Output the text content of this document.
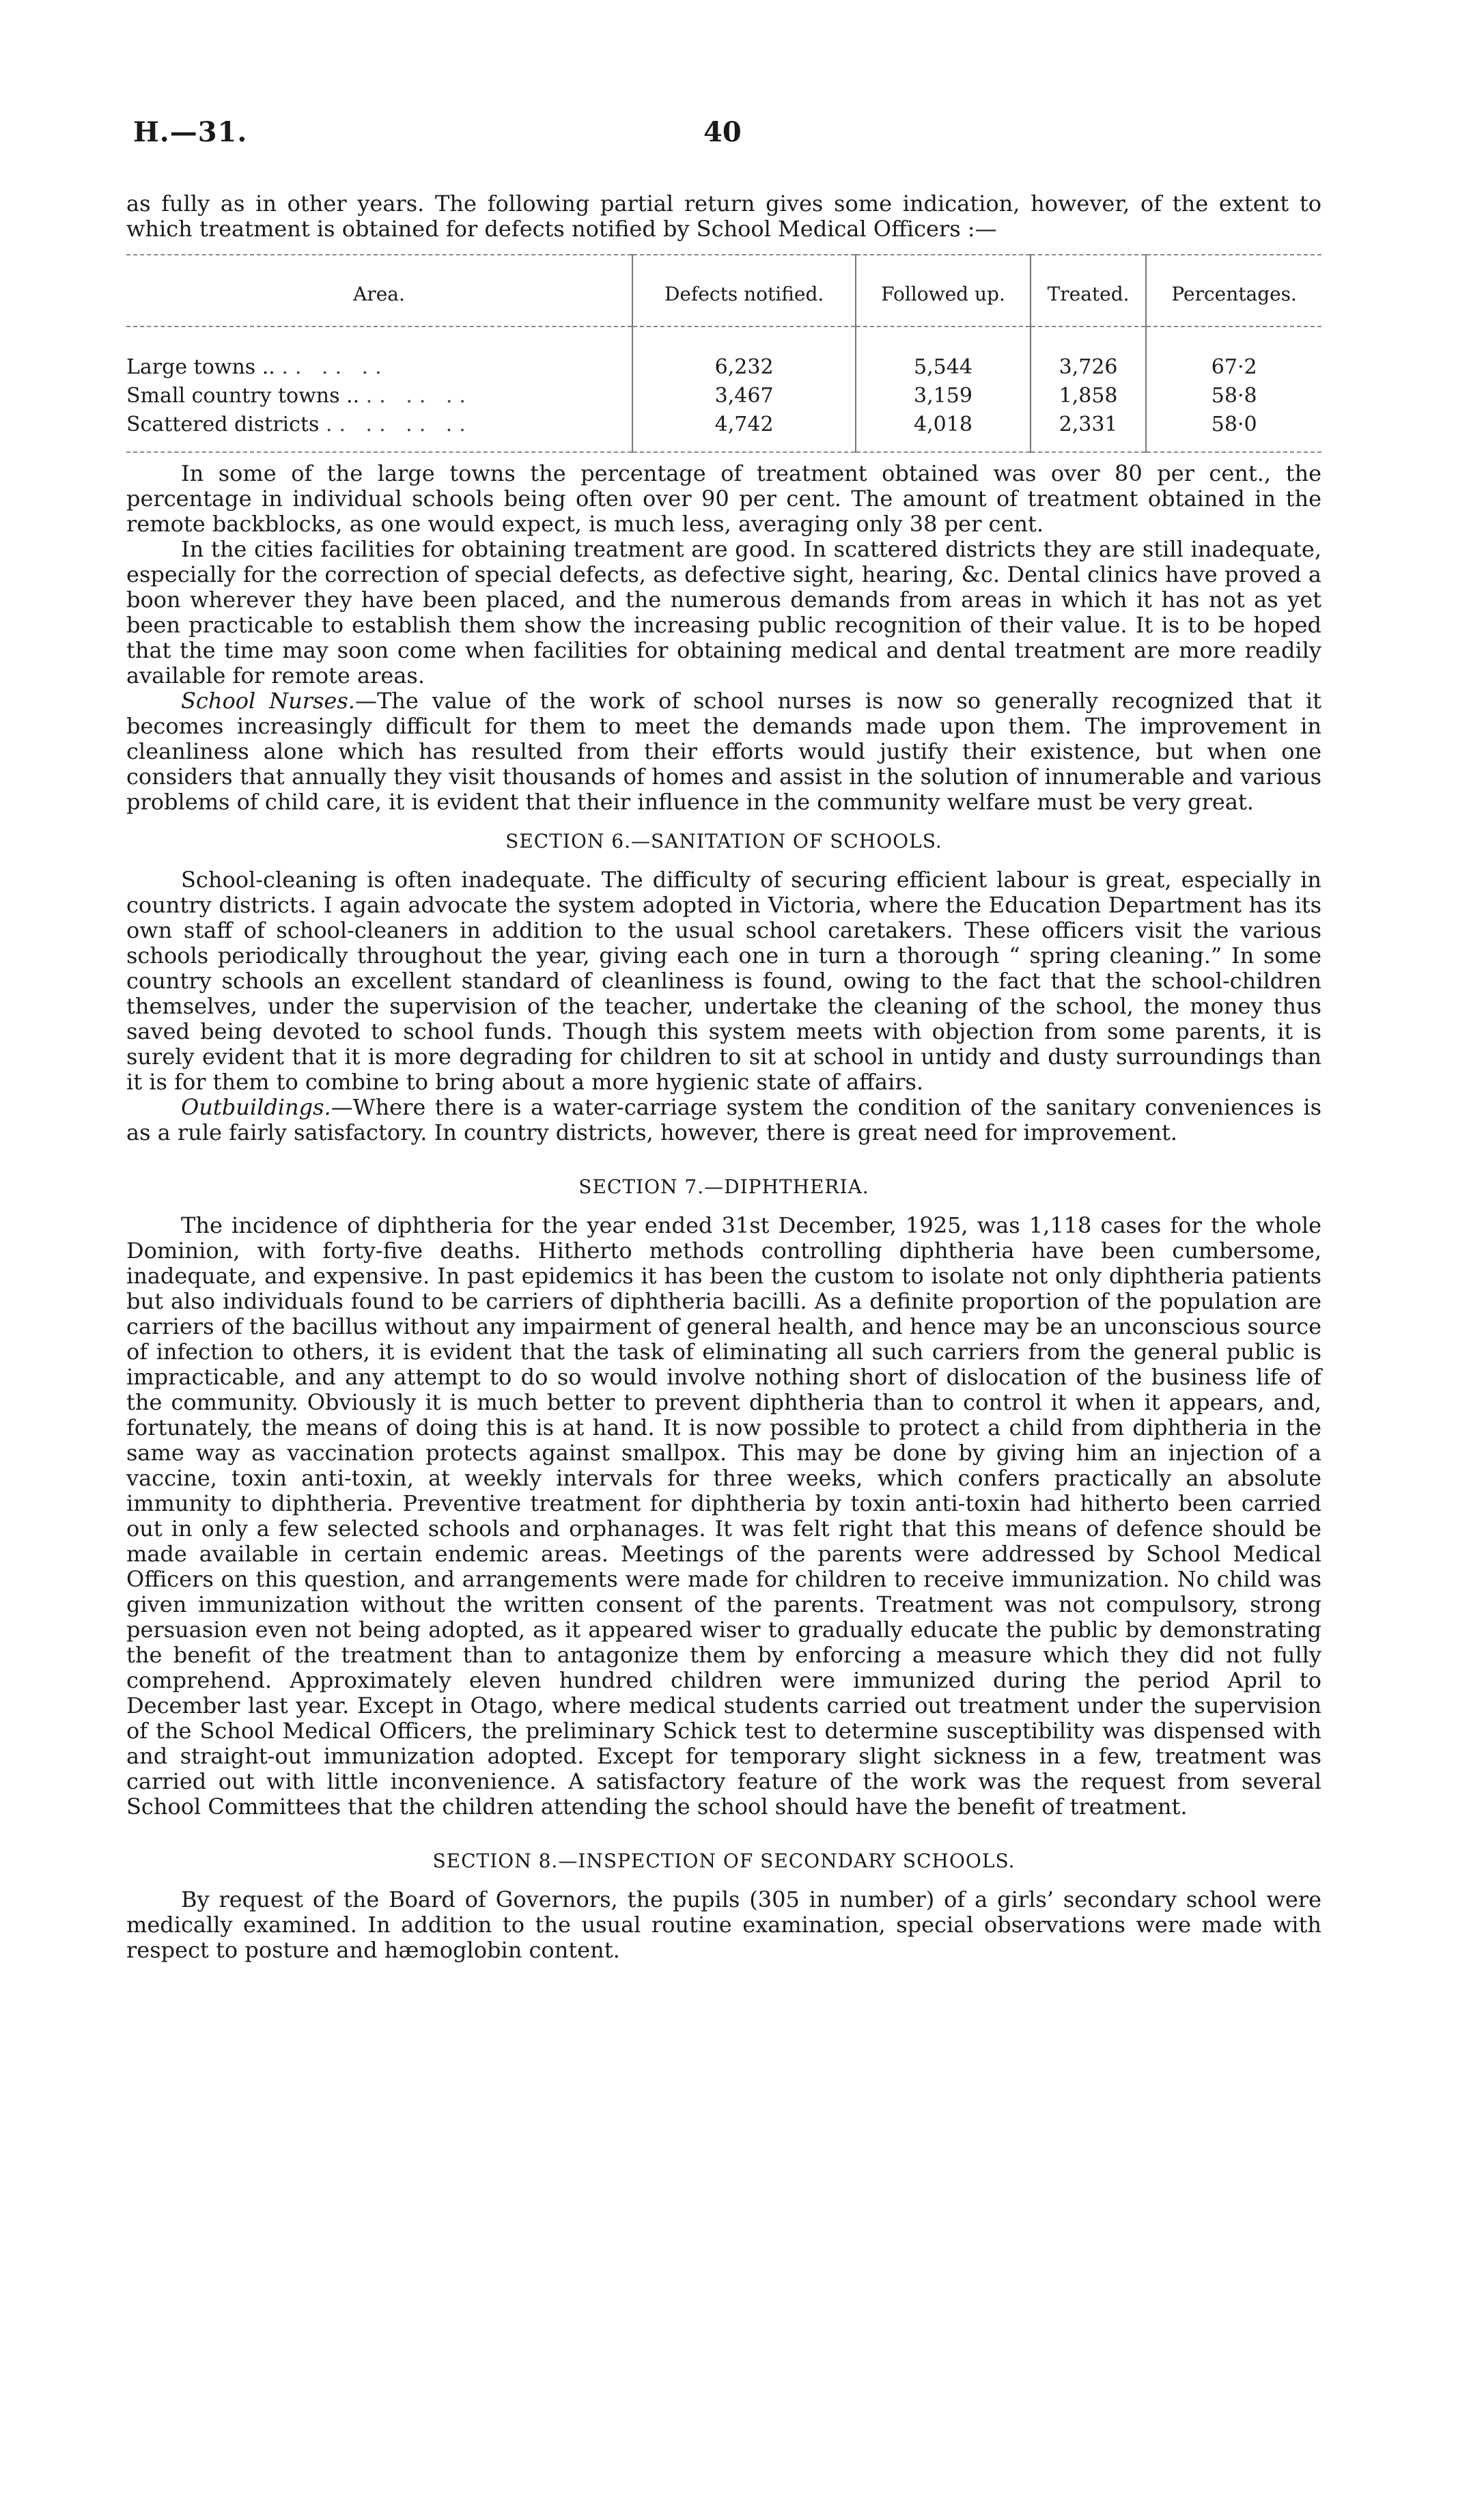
H.—31.	40

as fully as in other years. The following partial return gives some indication, however, of the extent to which treatment is obtained for defects notified by School Medical Officers :—

Area.	Defects notified.	Followed up.	Treated.	Percentages.
Large towns .. .. .. ..	6,232	5,544	3,726	67·2
Small country towns .. .. .. ..	3,467	3,159	1,858	58·8
Scattered districts .. .. .. ..	4,742	4,018	2,331	58·0

In some of the large towns the percentage of treatment obtained was over 80 per cent., the percentage in individual schools being often over 90 per cent. The amount of treatment obtained in the remote backblocks, as one would expect, is much less, averaging only 38 per cent.

In the cities facilities for obtaining treatment are good. In scattered districts they are still inadequate, especially for the correction of special defects, as defective sight, hearing, &c. Dental clinics have proved a boon wherever they have been placed, and the numerous demands from areas in which it has not as yet been practicable to establish them show the increasing public recognition of their value. It is to be hoped that the time may soon come when facilities for obtaining medical and dental treatment are more readily available for remote areas.

School Nurses.—The value of the work of school nurses is now so generally recognized that it becomes increasingly difficult for them to meet the demands made upon them. The improvement in cleanliness alone which has resulted from their efforts would justify their existence, but when one considers that annually they visit thousands of homes and assist in the solution of innumerable and various problems of child care, it is evident that their influence in the community welfare must be very great.

SECTION 6.—SANITATION OF SCHOOLS.

School-cleaning is often inadequate. The difficulty of securing efficient labour is great, especially in country districts. I again advocate the system adopted in Victoria, where the Education Department has its own staff of school-cleaners in addition to the usual school caretakers. These officers visit the various schools periodically throughout the year, giving each one in turn a thorough “ spring cleaning.” In some country schools an excellent standard of cleanliness is found, owing to the fact that the school-children themselves, under the supervision of the teacher, undertake the cleaning of the school, the money thus saved being devoted to school funds. Though this system meets with objection from some parents, it is surely evident that it is more degrading for children to sit at school in untidy and dusty surroundings than it is for them to combine to bring about a more hygienic state of affairs.

Outbuildings.—Where there is a water-carriage system the condition of the sanitary conveniences is as a rule fairly satisfactory. In country districts, however, there is great need for improvement.

SECTION 7.—DIPHTHERIA.

The incidence of diphtheria for the year ended 31st December, 1925, was 1,118 cases for the whole Dominion, with forty-five deaths. Hitherto methods controlling diphtheria have been cumbersome, inadequate, and expensive. In past epidemics it has been the custom to isolate not only diphtheria patients but also individuals found to be carriers of diphtheria bacilli. As a definite proportion of the population are carriers of the bacillus without any impairment of general health, and hence may be an unconscious source of infection to others, it is evident that the task of eliminating all such carriers from the general public is impracticable, and any attempt to do so would involve nothing short of dislocation of the business life of the community. Obviously it is much better to prevent diphtheria than to control it when it appears, and, fortunately, the means of doing this is at hand. It is now possible to protect a child from diphtheria in the same way as vaccination protects against smallpox. This may be done by giving him an injection of a vaccine, toxin anti-toxin, at weekly intervals for three weeks, which confers practically an absolute immunity to diphtheria. Preventive treatment for diphtheria by toxin anti-toxin had hitherto been carried out in only a few selected schools and orphanages. It was felt right that this means of defence should be made available in certain endemic areas. Meetings of the parents were addressed by School Medical Officers on this question, and arrangements were made for children to receive immunization. No child was given immunization without the written consent of the parents. Treatment was not compulsory, strong persuasion even not being adopted, as it appeared wiser to gradually educate the public by demonstrating the benefit of the treatment than to antagonize them by enforcing a measure which they did not fully comprehend. Approximately eleven hundred children were immunized during the period April to December last year. Except in Otago, where medical students carried out treatment under the supervision of the School Medical Officers, the preliminary Schick test to determine susceptibility was dispensed with and straight-out immunization adopted. Except for temporary slight sickness in a few, treatment was carried out with little inconvenience. A satisfactory feature of the work was the request from several School Committees that the children attending the school should have the benefit of treatment.

SECTION 8.—INSPECTION OF SECONDARY SCHOOLS.

By request of the Board of Governors, the pupils (305 in number) of a girls’ secondary school were medically examined. In addition to the usual routine examination, special observations were made with respect to posture and hæmoglobin content.
